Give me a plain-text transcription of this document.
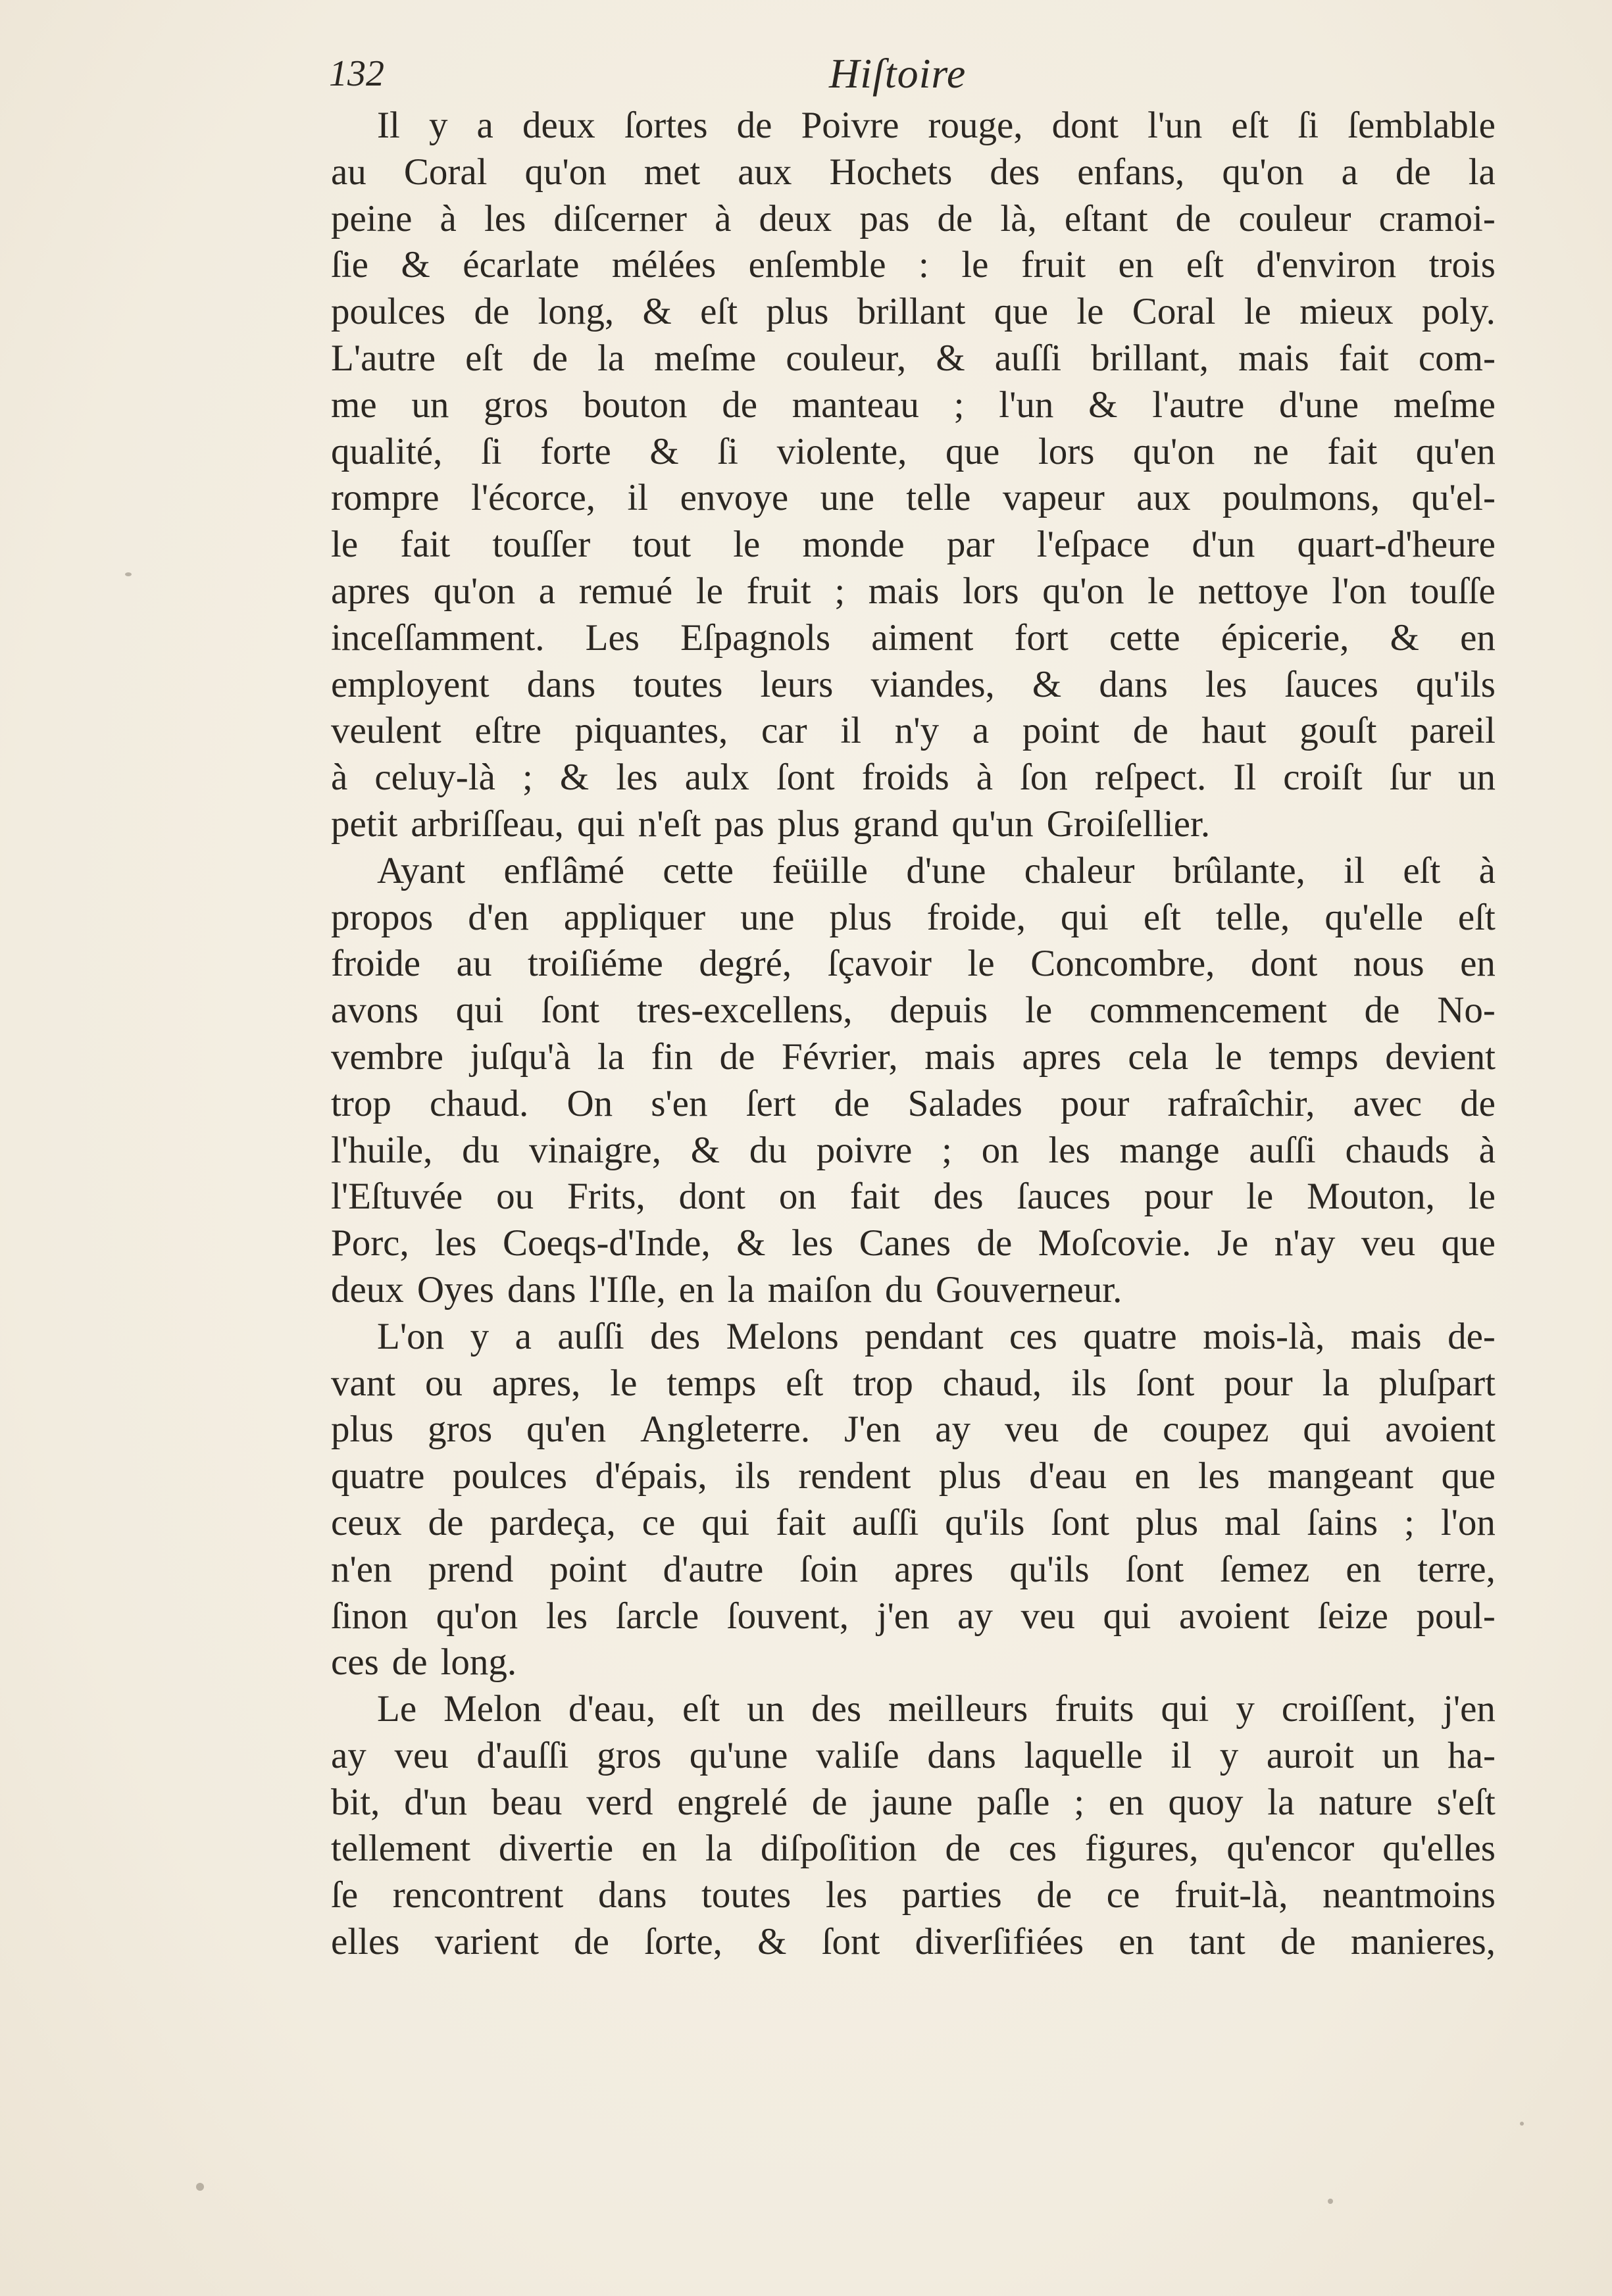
132	Hiſtoire
Il y a deux ſortes de Poivre rouge, dont l'un eſt ſi ſemblable
au Coral qu'on met aux Hochets des enfans, qu'on a de la
peine à les diſcerner à deux pas de là, eſtant de couleur cramoi-
ſie & écarlate mélées enſemble : le fruit en eſt d'environ trois
poulces de long, & eſt plus brillant que le Coral le mieux poly.
L'autre eſt de la meſme couleur, & auſſi brillant, mais fait com-
me un gros bouton de manteau ; l'un & l'autre d'une meſme
qualité, ſi forte & ſi violente, que lors qu'on ne fait qu'en
rompre l'écorce, il envoye une telle vapeur aux poulmons, qu'el-
le fait touſſer tout le monde par l'eſpace d'un quart-d'heure
apres qu'on a remué le fruit ; mais lors qu'on le nettoye l'on touſſe
inceſſamment. Les Eſpagnols aiment fort cette épicerie, & en
employent dans toutes leurs viandes, & dans les ſauces qu'ils
veulent eſtre piquantes, car il n'y a point de haut gouſt pareil
à celuy-là ; & les aulx ſont froids à ſon reſpect. Il croiſt ſur un
petit arbriſſeau, qui n'eſt pas plus grand qu'un Groiſellier.
Ayant enflâmé cette feüille d'une chaleur brûlante, il eſt à
propos d'en appliquer une plus froide, qui eſt telle, qu'elle eſt
froide au troiſiéme degré, ſçavoir le Concombre, dont nous en
avons qui ſont tres-excellens, depuis le commencement de No-
vembre juſqu'à la fin de Février, mais apres cela le temps devient
trop chaud. On s'en ſert de Salades pour rafraîchir, avec de
l'huile, du vinaigre, & du poivre ; on les mange auſſi chauds à
l'Eſtuvée ou Frits, dont on fait des ſauces pour le Mouton, le
Porc, les Coeqs-d'Inde, & les Canes de Moſcovie. Je n'ay veu que
deux Oyes dans l'Iſle, en la maiſon du Gouverneur.
L'on y a auſſi des Melons pendant ces quatre mois-là, mais de-
vant ou apres, le temps eſt trop chaud, ils ſont pour la pluſpart
plus gros qu'en Angleterre. J'en ay veu de coupez qui avoient
quatre poulces d'épais, ils rendent plus d'eau en les mangeant que
ceux de pardeça, ce qui fait auſſi qu'ils ſont plus mal ſains ; l'on
n'en prend point d'autre ſoin apres qu'ils ſont ſemez en terre,
ſinon qu'on les ſarcle ſouvent, j'en ay veu qui avoient ſeize poul-
ces de long.
Le Melon d'eau, eſt un des meilleurs fruits qui y croiſſent, j'en
ay veu d'auſſi gros qu'une valiſe dans laquelle il y auroit un ha-
bit, d'un beau verd engrelé de jaune paſle ; en quoy la nature s'eſt
tellement divertie en la diſpoſition de ces figures, qu'encor qu'elles
ſe rencontrent dans toutes les parties de ce fruit-là, neantmoins
elles varient de ſorte, & ſont diverſifiées en tant de manieres,
